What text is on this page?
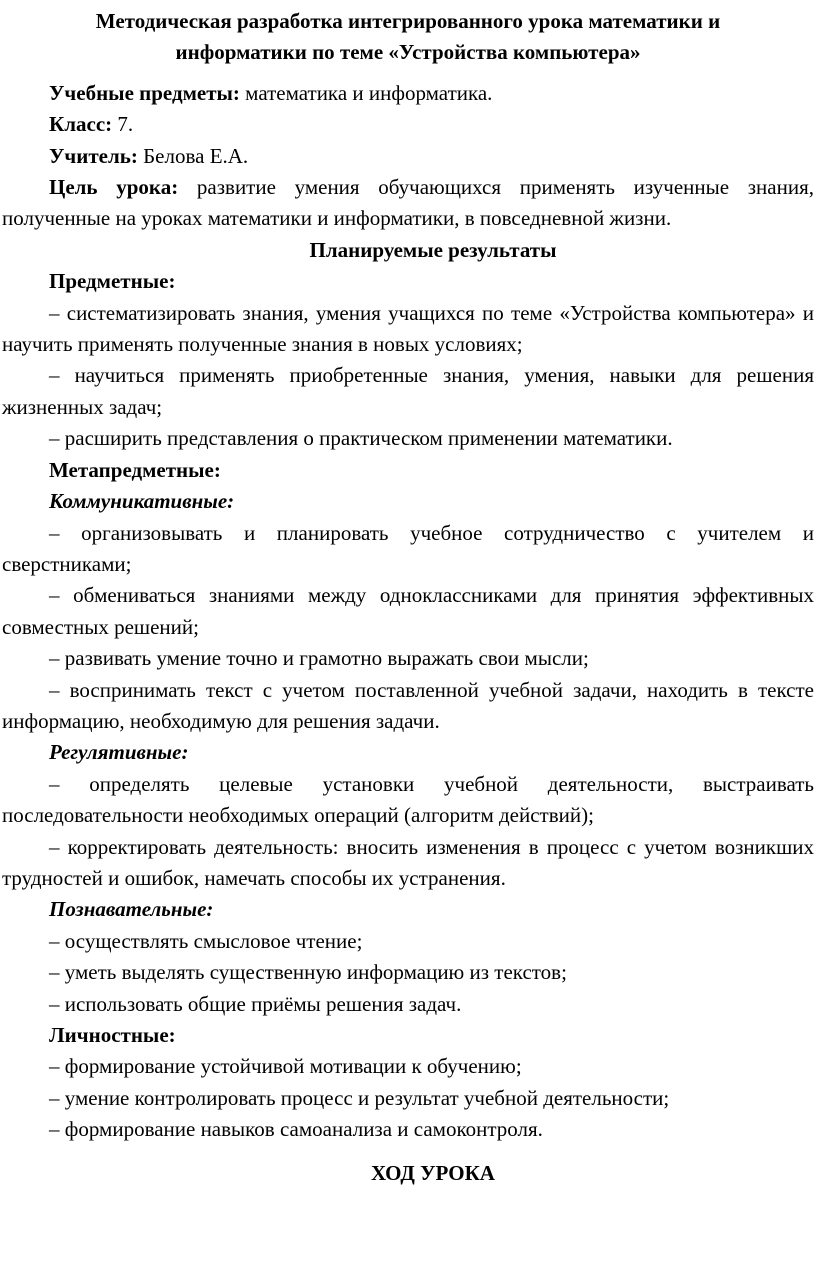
Методическая разработка интегрированного урока математики и
информатики по теме «Устройства компьютера»

Учебные предметы: математика и информатика.

Класс: 7.

Учитель: Белова Е.А.

Цель урока: развитие умения обучающихся применять изученные знания, полученные на уроках математики и информатики, в повседневной жизни.

Планируемые результаты

Предметные:

– систематизировать знания, умения учащихся по теме «Устройства компьютера» и научить применять полученные знания в новых условиях;

– научиться применять приобретенные знания, умения, навыки для решения жизненных задач;

– расширить представления о практическом применении математики.

Метапредметные:

Коммуникативные:

– организовывать и планировать учебное сотрудничество с учителем и сверстниками;

– обмениваться знаниями между одноклассниками для принятия эффективных совместных решений;

– развивать умение точно и грамотно выражать свои мысли;

– воспринимать текст с учетом поставленной учебной задачи, находить в тексте информацию, необходимую для решения задачи.

Регулятивные:

– определять целевые установки учебной деятельности, выстраивать последовательности необходимых операций (алгоритм действий);

– корректировать деятельность: вносить изменения в процесс с учетом возникших трудностей и ошибок, намечать способы их устранения.

Познавательные:

– осуществлять смысловое чтение;

– уметь выделять существенную информацию из текстов;

– использовать общие приёмы решения задач.

Личностные:

– формирование устойчивой мотивации к обучению;

– умение контролировать процесс и результат учебной деятельности;

– формирование навыков самоанализа и самоконтроля.

ХОД УРОКА
